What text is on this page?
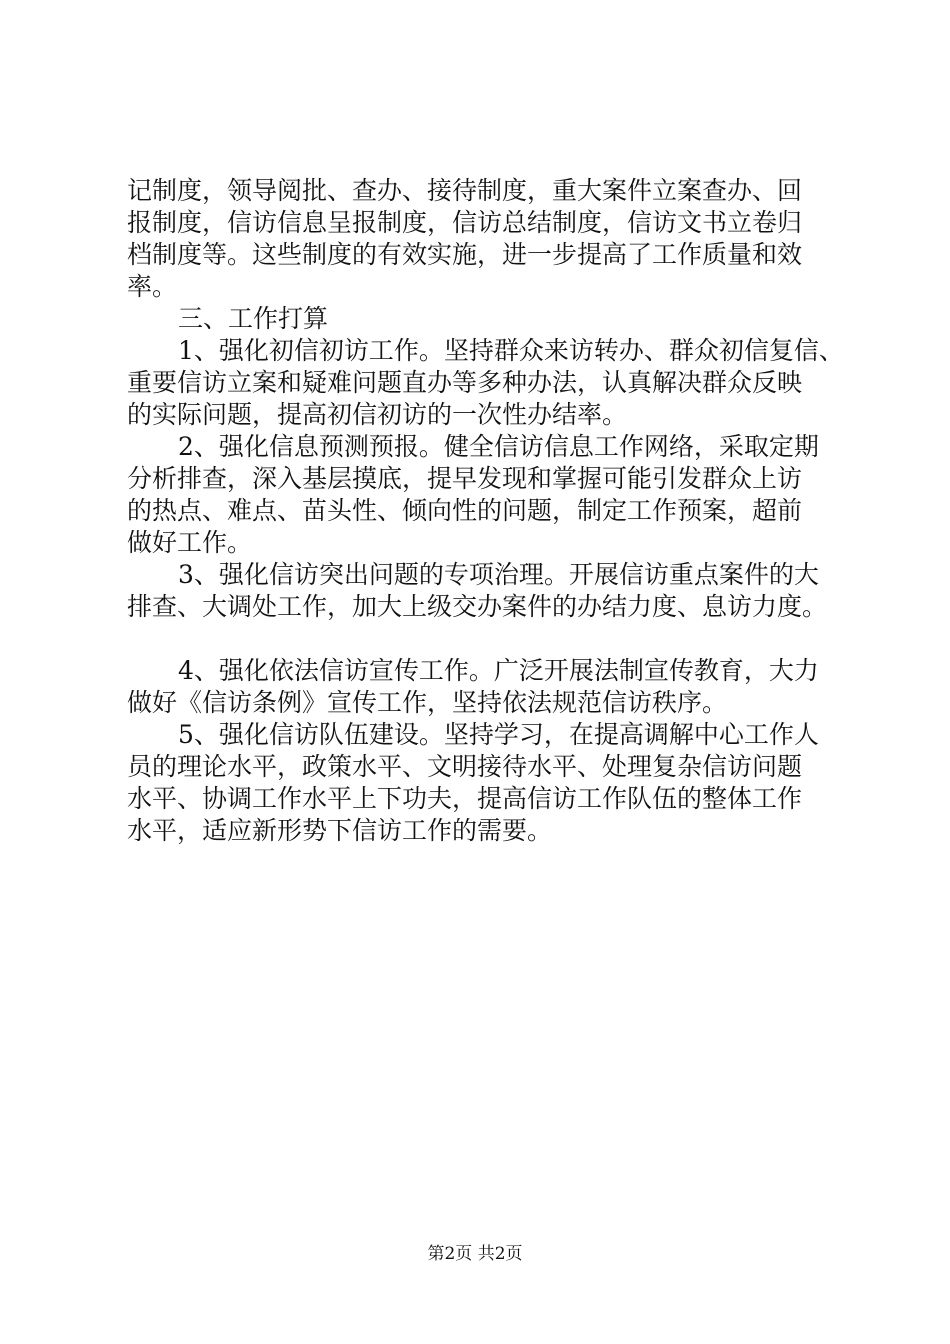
记制度，领导阅批、查办、接待制度，重大案件立案查办、回
报制度，信访信息呈报制度，信访总结制度，信访文书立卷归
档制度等。这些制度的有效实施，进一步提高了工作质量和效
率。
三、工作打算
1、强化初信初访工作。坚持群众来访转办、群众初信复信、
重要信访立案和疑难问题直办等多种办法，认真解决群众反映
的实际问题，提高初信初访的一次性办结率。
2、强化信息预测预报。健全信访信息工作网络，采取定期
分析排查，深入基层摸底，提早发现和掌握可能引发群众上访
的热点、难点、苗头性、倾向性的问题，制定工作预案，超前
做好工作。
3、强化信访突出问题的专项治理。开展信访重点案件的大
排查、大调处工作，加大上级交办案件的办结力度、息访力度。
4、强化依法信访宣传工作。广泛开展法制宣传教育，大力
做好《信访条例》宣传工作，坚持依法规范信访秩序。
5、强化信访队伍建设。坚持学习，在提高调解中心工作人
员的理论水平，政策水平、文明接待水平、处理复杂信访问题
水平、协调工作水平上下功夫，提高信访工作队伍的整体工作
水平，适应新形势下信访工作的需要。
第2页 共2页
